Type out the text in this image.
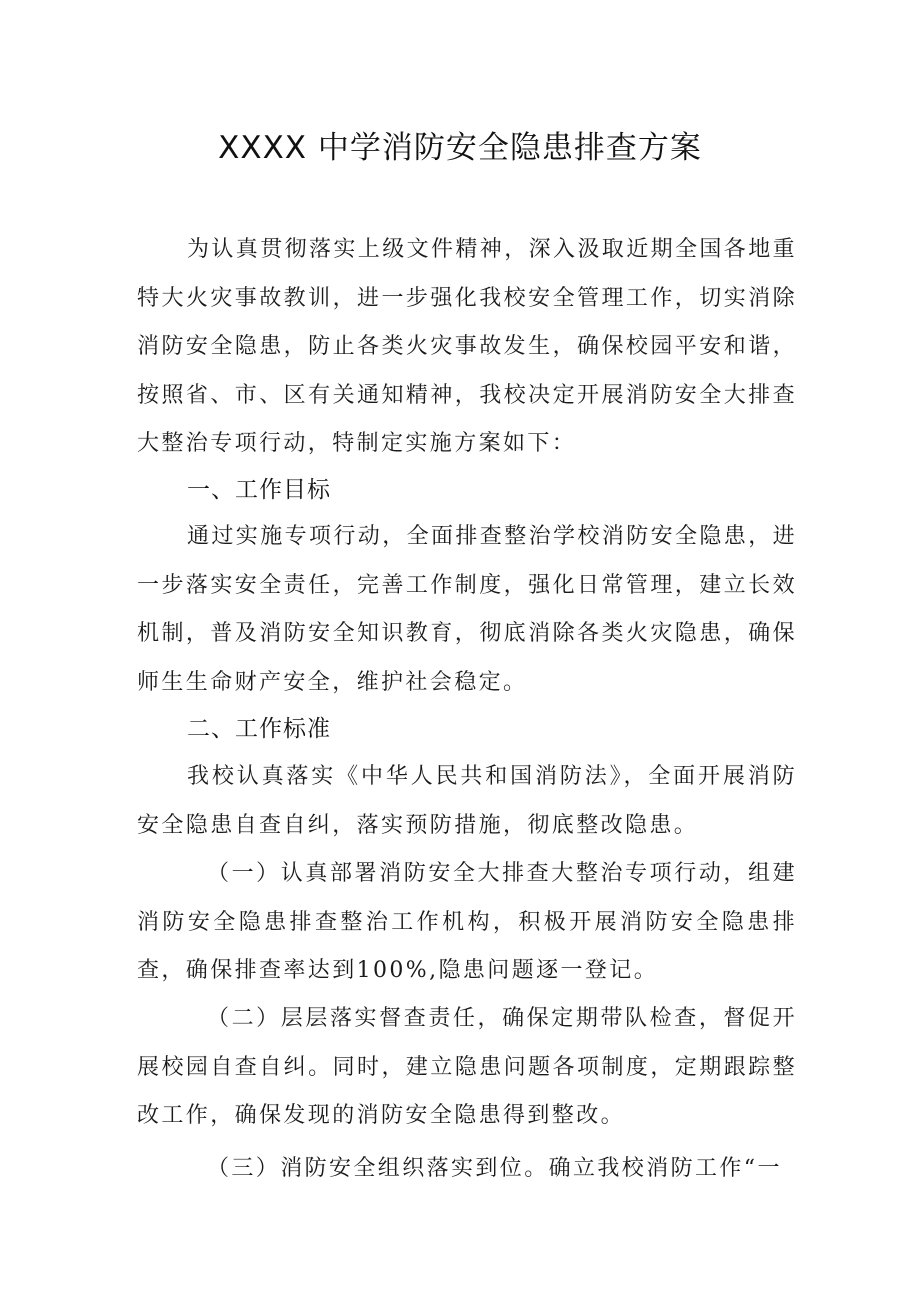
XXXX 中学消防安全隐患排查方案

为认真贯彻落实上级文件精神，深入汲取近期全国各地重特大火灾事故教训，进一步强化我校安全管理工作，切实消除消防安全隐患，防止各类火灾事故发生，确保校园平安和谐，按照省、市、区有关通知精神，我校决定开展消防安全大排查大整治专项行动，特制定实施方案如下：

一、工作目标

通过实施专项行动，全面排查整治学校消防安全隐患，进一步落实安全责任，完善工作制度，强化日常管理，建立长效机制，普及消防安全知识教育，彻底消除各类火灾隐患，确保师生生命财产安全，维护社会稳定。

二、工作标准

我校认真落实《中华人民共和国消防法》，全面开展消防安全隐患自查自纠，落实预防措施，彻底整改隐患。

（一）认真部署消防安全大排查大整治专项行动，组建消防安全隐患排查整治工作机构，积极开展消防安全隐患排查，确保排查率达到100%,隐患问题逐一登记。

（二）层层落实督查责任，确保定期带队检查，督促开展校园自查自纠。同时，建立隐患问题各项制度，定期跟踪整改工作，确保发现的消防安全隐患得到整改。

（三）消防安全组织落实到位。确立我校消防工作“一
